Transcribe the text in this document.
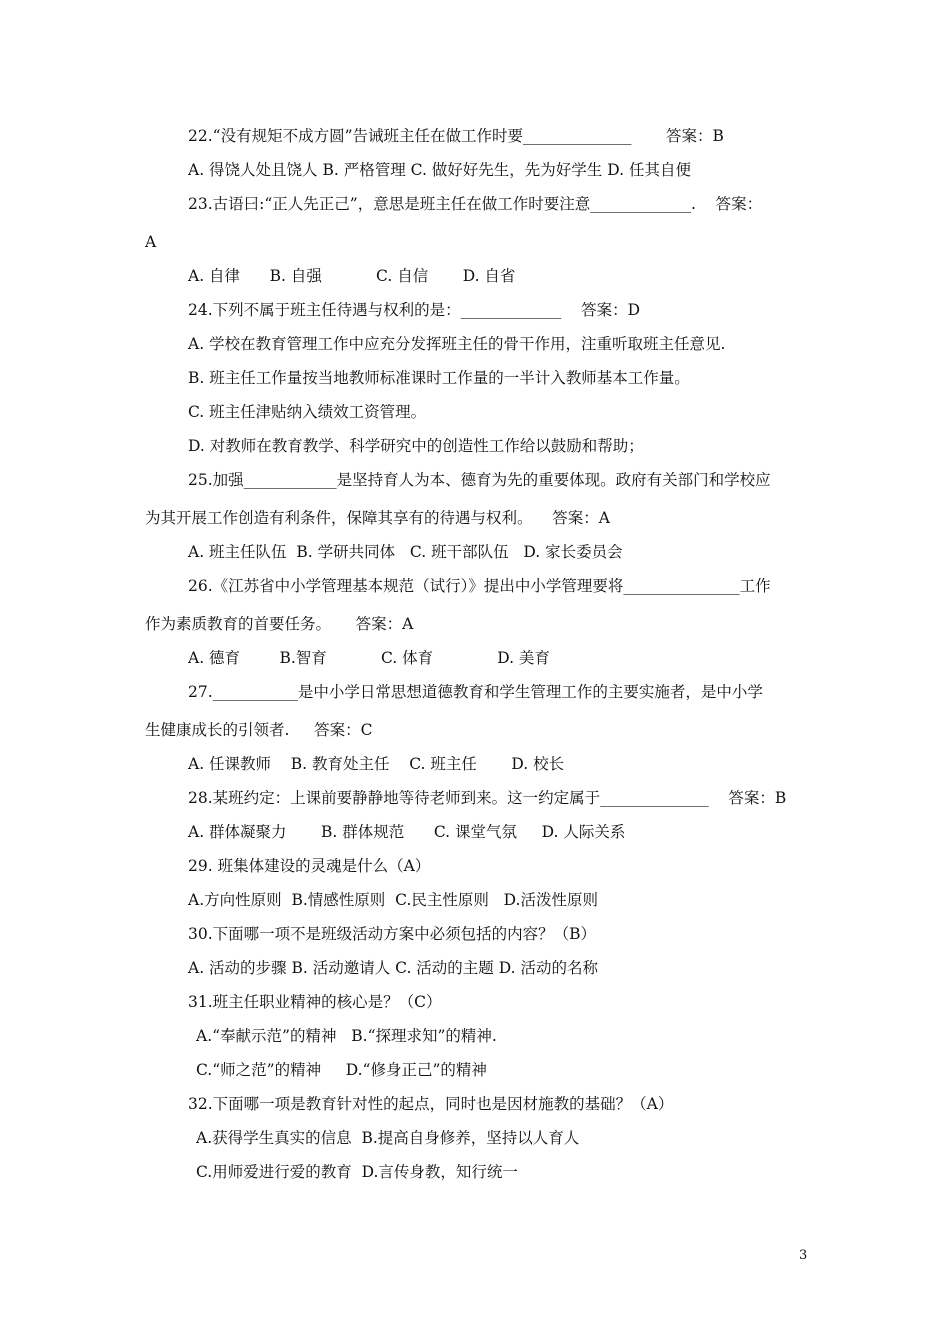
22.“没有规矩不成方圆”告诫班主任在做工作时要______________       答案：B

A. 得饶人处且饶人 B. 严格管理 C. 做好好先生，先为好学生 D. 任其自便

23.古语曰:“正人先正己”，意思是班主任在做工作时要注意_____________.    答案：

A

A. 自律      B. 自强           C. 自信       D. 自省

24.下列不属于班主任待遇与权利的是：_____________    答案：D

A. 学校在教育管理工作中应充分发挥班主任的骨干作用，注重听取班主任意见.

B. 班主任工作量按当地教师标准课时工作量的一半计入教师基本工作量。

C. 班主任津贴纳入绩效工资管理。

D. 对教师在教育教学、科学研究中的创造性工作给以鼓励和帮助；

25.加强____________是坚持育人为本、德育为先的重要体现。政府有关部门和学校应

为其开展工作创造有利条件，保障其享有的待遇与权利。    答案：A

A. 班主任队伍  B. 学研共同体   C. 班干部队伍   D. 家长委员会

26.《江苏省中小学管理基本规范（试行）》提出中小学管理要将_______________工作

作为素质教育的首要任务。     答案：A

A. 德育        B.智育           C. 体育             D. 美育

27.___________是中小学日常思想道德教育和学生管理工作的主要实施者，是中小学

生健康成长的引领者.     答案：C

A. 任课教师    B. 教育处主任    C. 班主任       D. 校长

28.某班约定：上课前要静静地等待老师到来。这一约定属于______________    答案：B

A. 群体凝聚力       B. 群体规范      C. 课堂气氛     D. 人际关系

29. 班集体建设的灵魂是什么（A）

A.方向性原则  B.情感性原则  C.民主性原则   D.活泼性原则

30.下面哪一项不是班级活动方案中必须包括的内容？（B）

A. 活动的步骤 B. 活动邀请人 C. 活动的主题 D. 活动的名称

31.班主任职业精神的核心是？（C）

A.“奉献示范”的精神   B.“探理求知”的精神.

C.“师之范”的精神     D.“修身正己”的精神

32.下面哪一项是教育针对性的起点，同时也是因材施教的基础？（A）

A.获得学生真实的信息  B.提高自身修养，坚持以人育人

C.用师爱进行爱的教育  D.言传身教，知行统一

3
